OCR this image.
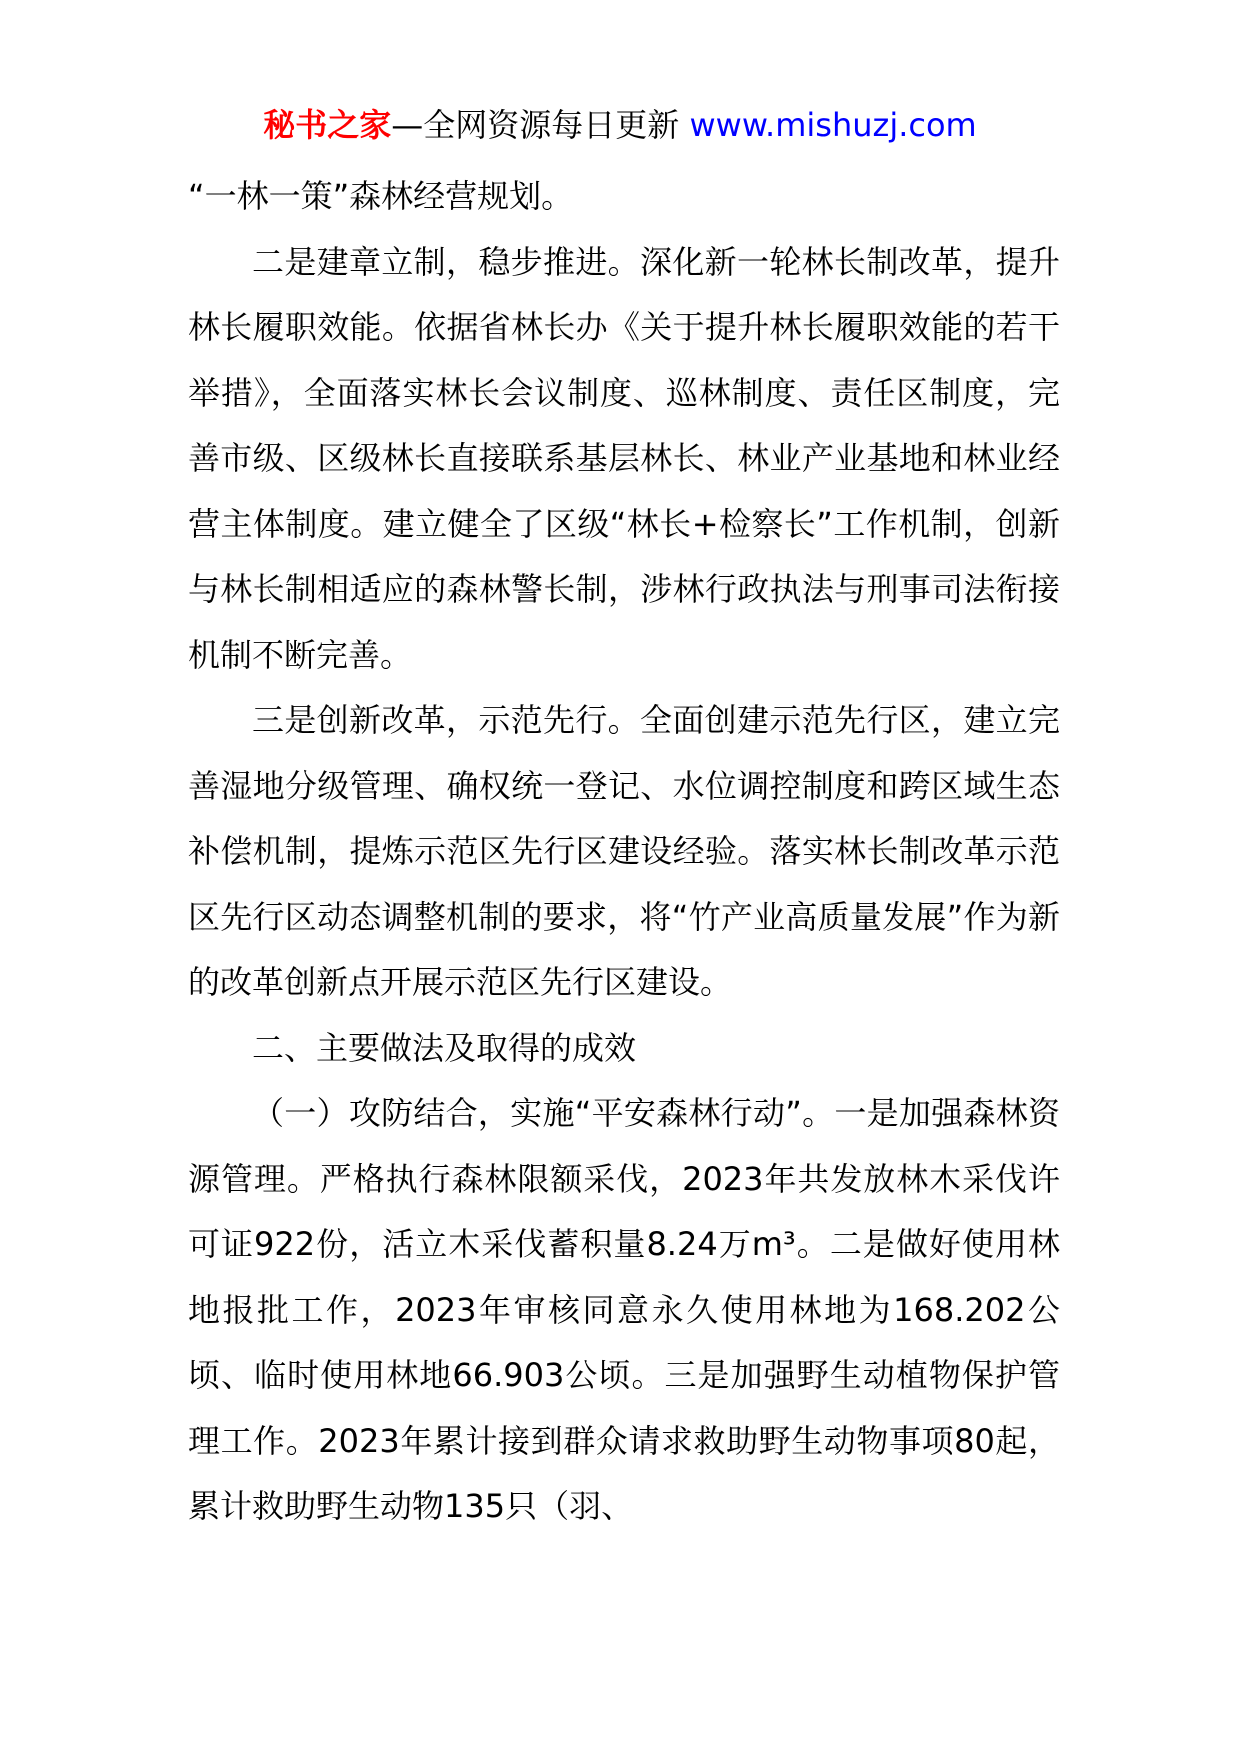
秘书之家—全网资源每日更新 www.mishuzj.com

“一林一策”森林经营规划。

二是建章立制，稳步推进。深化新一轮林长制改革，提升林长履职效能。依据省林长办《关于提升林长履职效能的若干举措》，全面落实林长会议制度、巡林制度、责任区制度，完善市级、区级林长直接联系基层林长、林业产业基地和林业经营主体制度。建立健全了区级“林长+检察长”工作机制，创新与林长制相适应的森林警长制，涉林行政执法与刑事司法衔接机制不断完善。

三是创新改革，示范先行。全面创建示范先行区，建立完善湿地分级管理、确权统一登记、水位调控制度和跨区域生态补偿机制，提炼示范区先行区建设经验。落实林长制改革示范区先行区动态调整机制的要求，将“竹产业高质量发展”作为新的改革创新点开展示范区先行区建设。

二、主要做法及取得的成效

（一）攻防结合，实施“平安森林行动”。一是加强森林资源管理。严格执行森林限额采伐，2023年共发放林木采伐许可证922份，活立木采伐蓄积量8.24万m³。二是做好使用林地报批工作，2023年审核同意永久使用林地为168.202公顷、临时使用林地66.903公顷。三是加强野生动植物保护管理工作。2023年累计接到群众请求救助野生动物事项80起，累计救助野生动物135只（羽、
